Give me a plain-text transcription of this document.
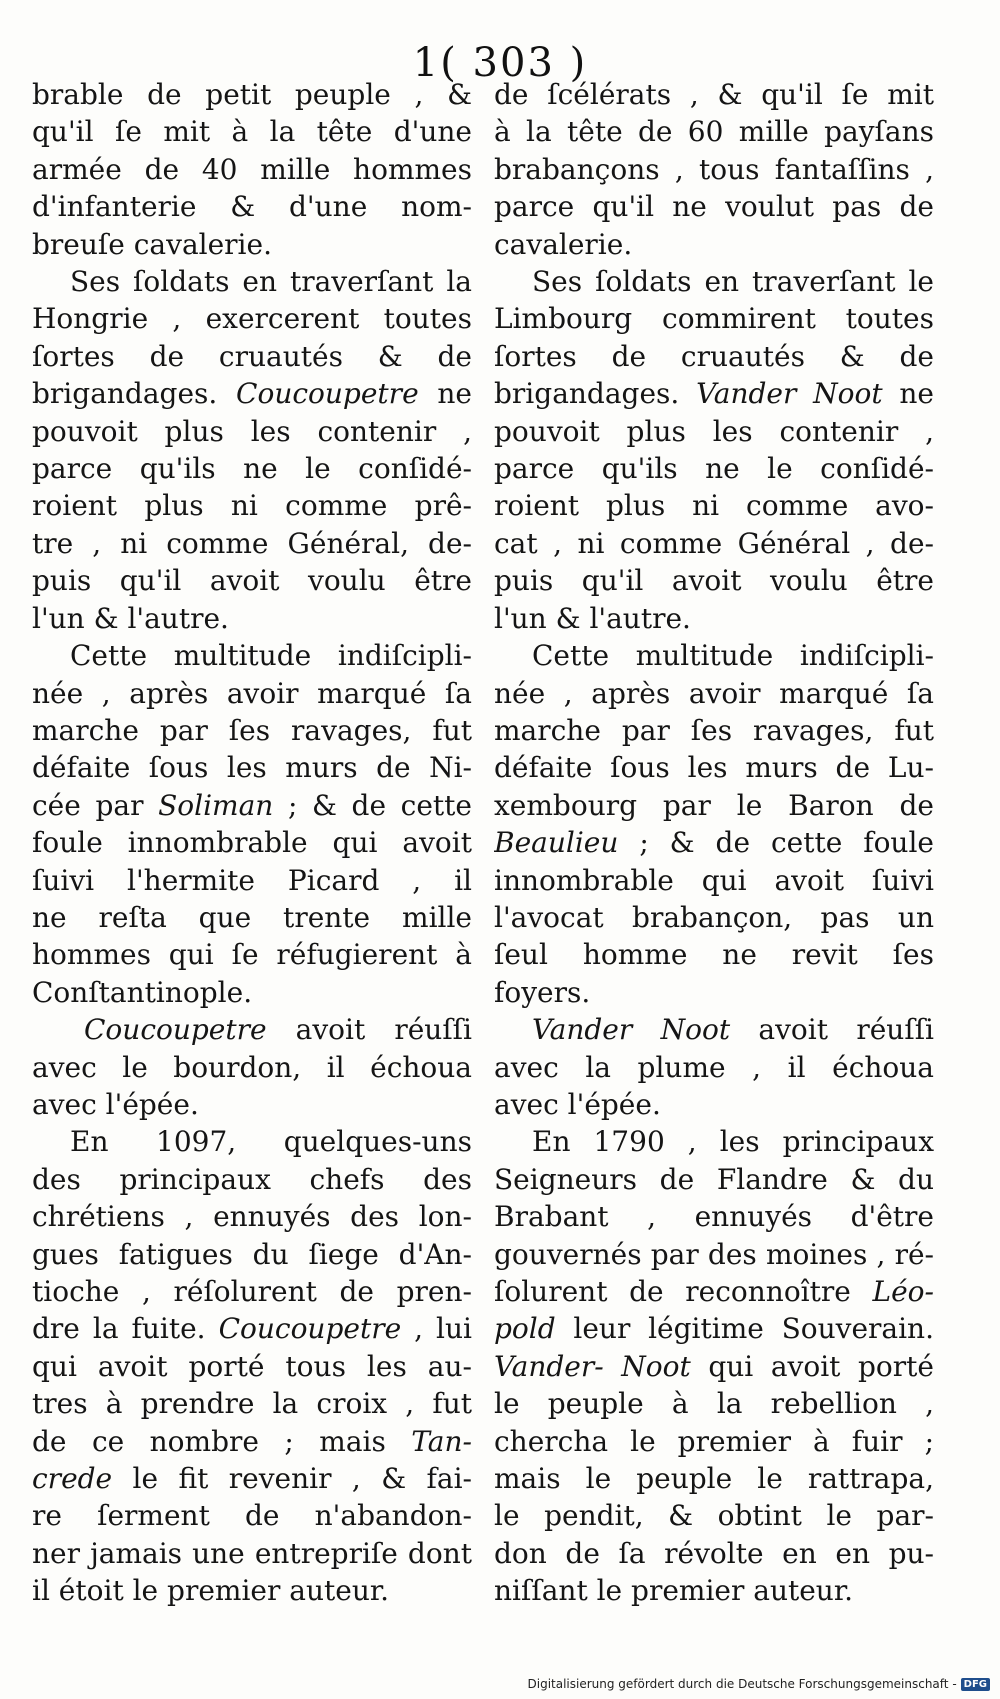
1( 303 )
brable de petit peuple , &
qu'il ſe mit à la tête d'une
armée de 40 mille hommes
d'infanterie & d'une nom-
breuſe cavalerie.
Ses ſoldats en traverſant la
Hongrie , exercerent toutes
ſortes de cruautés & de
brigandages. Coucoupetre ne
pouvoit plus les contenir ,
parce qu'ils ne le conſidé-
roient plus ni comme prê-
tre , ni comme Général, de-
puis qu'il avoit voulu être
l'un & l'autre.
Cette multitude indiſcipli-
née , après avoir marqué ſa
marche par ſes ravages, fut
défaite ſous les murs de Ni-
cée par Soliman ; & de cette
foule innombrable qui avoit
ſuivi l'hermite Picard , il
ne reſta que trente mille
hommes qui ſe réfugierent à
Conſtantinople.
Coucoupetre avoit réuſſi
avec le bourdon, il échoua
avec l'épée.
En 1097, quelques-uns
des principaux chefs des
chrétiens , ennuyés des lon-
gues fatigues du ſiege d'An-
tioche , réſolurent de pren-
dre la fuite. Coucoupetre , lui
qui avoit porté tous les au-
tres à prendre la croix , fut
de ce nombre ; mais Tan-
crede le fit revenir , & fai-
re ſerment de n'abandon-
ner jamais une entrepriſe dont
il étoit le premier auteur.
de ſcélérats , & qu'il ſe mit
à la tête de 60 mille payſans
brabançons , tous fantaſſins ,
parce qu'il ne voulut pas de
cavalerie.
Ses ſoldats en traverſant le
Limbourg commirent toutes
ſortes de cruautés & de
brigandages. Vander Noot ne
pouvoit plus les contenir ,
parce qu'ils ne le conſidé-
roient plus ni comme avo-
cat , ni comme Général , de-
puis qu'il avoit voulu être
l'un & l'autre.
Cette multitude indiſcipli-
née , après avoir marqué ſa
marche par ſes ravages, fut
défaite ſous les murs de Lu-
xembourg par le Baron de
Beaulieu ; & de cette foule
innombrable qui avoit ſuivi
l'avocat brabançon, pas un
ſeul homme ne revit ſes
foyers.
Vander Noot avoit réuſſi
avec la plume , il échoua
avec l'épée.
En 1790 , les principaux
Seigneurs de Flandre & du
Brabant , ennuyés d'être
gouvernés par des moines , ré-
ſolurent de reconnoître Léo-
pold leur légitime Souverain.
Vander- Noot qui avoit porté
le peuple à la rebellion ,
chercha le premier à fuir ;
mais le peuple le rattrapa,
le pendit, & obtint le par-
don de ſa révolte en en pu-
niſſant le premier auteur.
Digitalisierung gefördert durch die Deutsche Forschungsgemeinschaft - DFG
